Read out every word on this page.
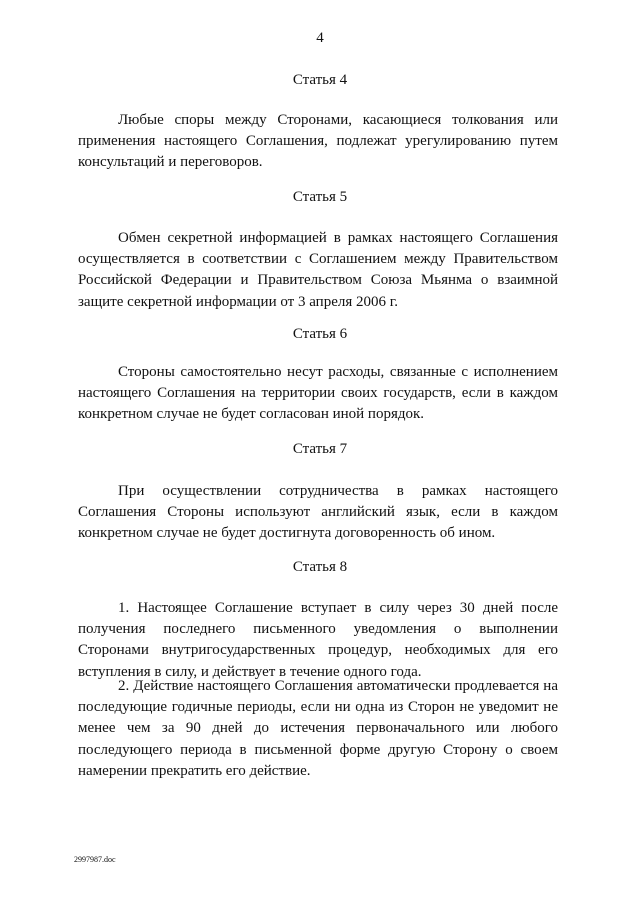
4
Статья 4
Любые споры между Сторонами, касающиеся толкования или применения настоящего Соглашения, подлежат урегулированию путем консультаций и переговоров.
Статья 5
Обмен секретной информацией в рамках настоящего Соглашения осуществляется в соответствии с Соглашением между Правительством Российской Федерации и Правительством Союза Мьянма о взаимной защите секретной информации от 3 апреля 2006 г.
Статья 6
Стороны самостоятельно несут расходы, связанные с исполнением настоящего Соглашения на территории своих государств, если в каждом конкретном случае не будет согласован иной порядок.
Статья 7
При осуществлении сотрудничества в рамках настоящего Соглашения Стороны используют английский язык, если в каждом конкретном случае не будет достигнута договоренность об ином.
Статья 8
1. Настоящее Соглашение вступает в силу через 30 дней после получения последнего письменного уведомления о выполнении Сторонами внутригосударственных процедур, необходимых для его вступления в силу, и действует в течение одного года.
2. Действие настоящего Соглашения автоматически продлевается на последующие годичные периоды, если ни одна из Сторон не уведомит не менее чем за 90 дней до истечения первоначального или любого последующего периода в письменной форме другую Сторону о своем намерении прекратить его действие.
2997987.doc
